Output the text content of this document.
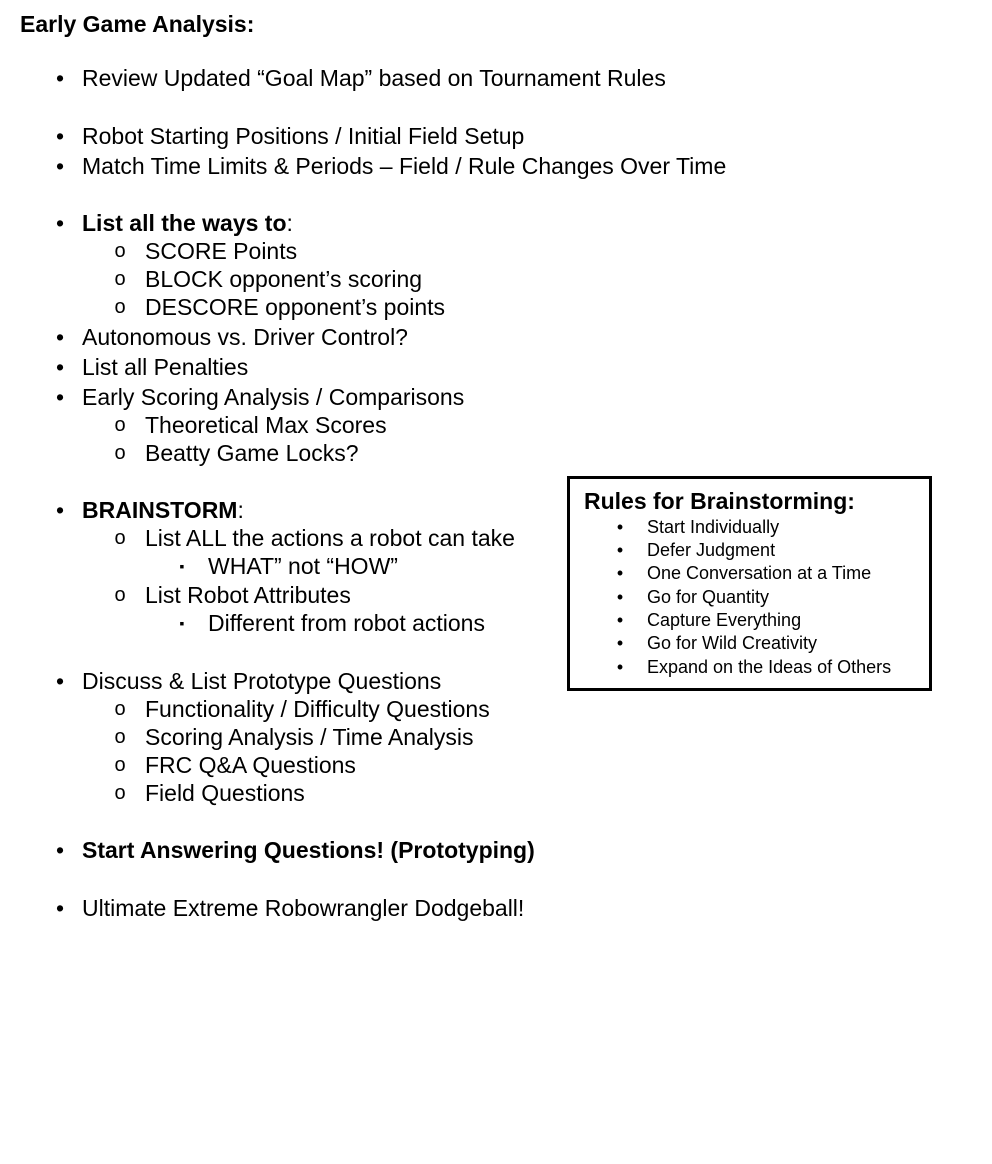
Early Game Analysis:
• Review Updated “Goal Map” based on Tournament Rules
• Robot Starting Positions / Initial Field Setup
• Match Time Limits & Periods – Field / Rule Changes Over Time
• List all the ways to:
o SCORE Points
o BLOCK opponent’s scoring
o DESCORE opponent’s points
• Autonomous vs. Driver Control?
• List all Penalties
• Early Scoring Analysis / Comparisons
o Theoretical Max Scores
o Beatty Game Locks?
• BRAINSTORM:
o List ALL the actions a robot can take
▪ WHAT” not “HOW”
o List Robot Attributes
▪ Different from robot actions
• Discuss & List Prototype Questions
o Functionality / Difficulty Questions
o Scoring Analysis / Time Analysis
o FRC Q&A Questions
o Field Questions
• Start Answering Questions! (Prototyping)
• Ultimate Extreme Robowrangler Dodgeball!
Rules for Brainstorming:
• Start Individually
• Defer Judgment
• One Conversation at a Time
• Go for Quantity
• Capture Everything
• Go for Wild Creativity
• Expand on the Ideas of Others
